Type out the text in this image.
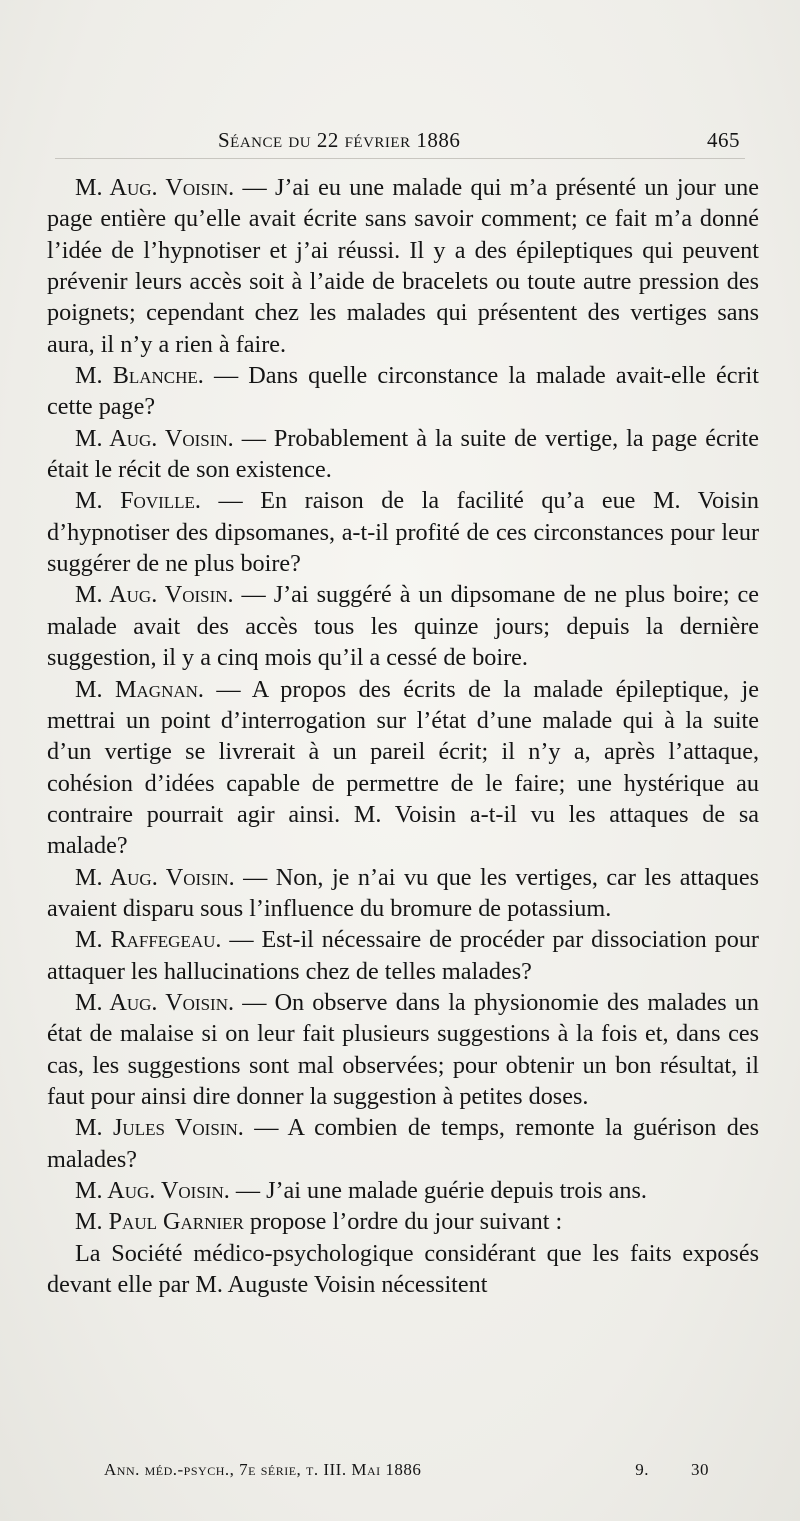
Séance du 22 février 1886	465

M. Aug. Voisin. — J’ai eu une malade qui m’a présenté un jour une page entière qu’elle avait écrite sans savoir comment; ce fait m’a donné l’idée de l’hypnotiser et j’ai réussi. Il y a des épileptiques qui peuvent prévenir leurs accès soit à l’aide de bracelets ou toute autre pression des poignets; cependant chez les malades qui présentent des vertiges sans aura, il n’y a rien à faire.

M. Blanche. — Dans quelle circonstance la malade avait-elle écrit cette page?

M. Aug. Voisin. — Probablement à la suite de vertige, la page écrite était le récit de son existence.

M. Foville. — En raison de la facilité qu’a eue M. Voisin d’hypnotiser des dipsomanes, a-t-il profité de ces circonstances pour leur suggérer de ne plus boire?

M. Aug. Voisin. — J’ai suggéré à un dipsomane de ne plus boire; ce malade avait des accès tous les quinze jours; depuis la dernière suggestion, il y a cinq mois qu’il a cessé de boire.

M. Magnan. — A propos des écrits de la malade épileptique, je mettrai un point d’interrogation sur l’état d’une malade qui à la suite d’un vertige se livrerait à un pareil écrit; il n’y a, après l’attaque, cohésion d’idées capable de permettre de le faire; une hystérique au contraire pourrait agir ainsi. M. Voisin a-t-il vu les attaques de sa malade?

M. Aug. Voisin. — Non, je n’ai vu que les vertiges, car les attaques avaient disparu sous l’influence du bromure de potassium.

M. Raffegeau. — Est-il nécessaire de procéder par dissociation pour attaquer les hallucinations chez de telles malades?

M. Aug. Voisin. — On observe dans la physionomie des malades un état de malaise si on leur fait plusieurs suggestions à la fois et, dans ces cas, les suggestions sont mal observées; pour obtenir un bon résultat, il faut pour ainsi dire donner la suggestion à petites doses.

M. Jules Voisin. — A combien de temps, remonte la guérison des malades?

M. Aug. Voisin. — J’ai une malade guérie depuis trois ans.

M. Paul Garnier propose l’ordre du jour suivant :

La Société médico-psychologique considérant que les faits exposés devant elle par M. Auguste Voisin nécessitent

Ann. méd.-psych., 7e série, t. III. Mai 1886	9. 30
